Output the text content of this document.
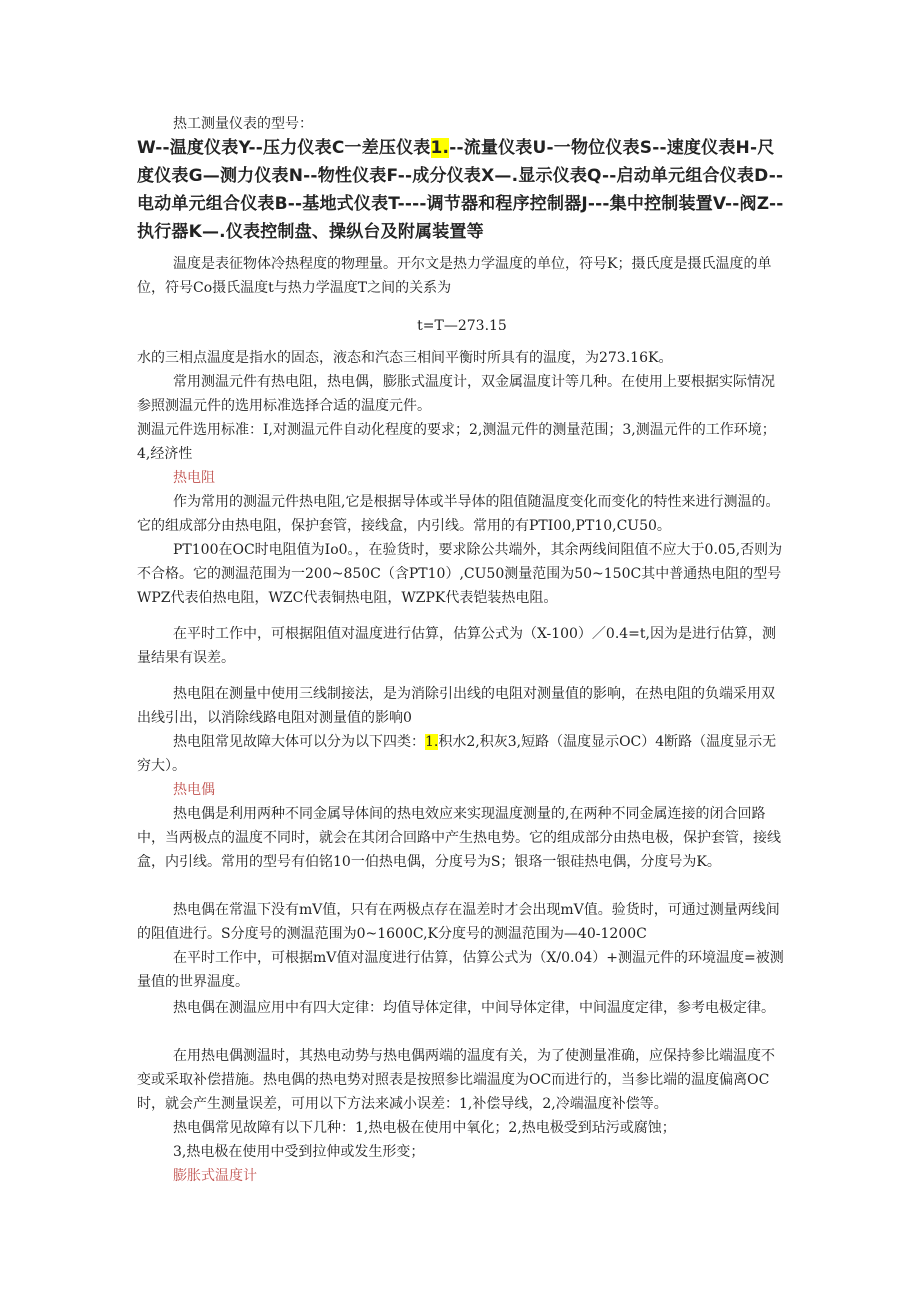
热工测量仪表的型号：

W--温度仪表Y--压力仪表C一差压仪表1.--流量仪表U-一物位仪表S--速度仪表H-尺度仪表G—测力仪表N--物性仪表F--成分仪表X—.显示仪表Q--启动单元组合仪表D--电动单元组合仪表B--基地式仪表T----调节器和程序控制器J---集中控制装置V--阀Z--执行器K—.仪表控制盘、操纵台及附属装置等

温度是表征物体冷热程度的物理量。开尔文是热力学温度的单位，符号K；摄氏度是摄氏温度的单位，符号Co摄氏温度t与热力学温度T之间的关系为

t=T—273.15

水的三相点温度是指水的固态，液态和汽态三相间平衡时所具有的温度，为273.16K。

常用测温元件有热电阻，热电偶，膨胀式温度计，双金属温度计等几种。在使用上要根据实际情况参照测温元件的选用标准选择合适的温度元件。

测温元件选用标准：I,对测温元件自动化程度的要求；2,测温元件的测量范围；3,测温元件的工作环境；4,经济性

热电阻

作为常用的测温元件热电阻,它是根据导体或半导体的阻值随温度变化而变化的特性来进行测温的。它的组成部分由热电阻，保护套管，接线盒，内引线。常用的有PTI00,PT10,CU50。

PT100在OC时电阻值为Io0。，在验货时，要求除公共端外，其余两线间阻值不应大于0.05,否则为不合格。它的测温范围为一200~850C（含PT10）,CU50测量范围为50~150C其中普通热电阻的型号WPZ代表伯热电阻，WZC代表铜热电阻，WZPK代表铠装热电阻。

在平时工作中，可根据阻值对温度进行估算，估算公式为（X-100）／0.4=t,因为是进行估算，测量结果有误差。

热电阻在测量中使用三线制接法，是为消除引出线的电阻对测量值的影响，在热电阻的负端采用双出线引出，以消除线路电阻对测量值的影响0

热电阻常见故障大体可以分为以下四类：1.积水2,积灰3,短路（温度显示OC）4断路（温度显示无穷大）。

热电偶

热电偶是利用两种不同金属导体间的热电效应来实现温度测量的,在两种不同金属连接的闭合回路中，当两极点的温度不同时，就会在其闭合回路中产生热电势。它的组成部分由热电极，保护套管，接线盒，内引线。常用的型号有伯铭10一伯热电偶，分度号为S；银珞一银硅热电偶，分度号为K。

热电偶在常温下没有mV值，只有在两极点存在温差时才会出现mV值。验货时，可通过测量两线间的阻值进行。S分度号的测温范围为0~1600C,K分度号的测温范围为—40-1200C

在平时工作中，可根据mV值对温度进行估算，估算公式为（X/0.04）+测温元件的环境温度=被测量值的世界温度。

热电偶在测温应用中有四大定律：均值导体定律，中间导体定律，中间温度定律，参考电极定律。

在用热电偶测温时，其热电动势与热电偶两端的温度有关，为了使测量准确，应保持参比端温度不变或采取补偿措施。热电偶的热电势对照表是按照参比端温度为OC而进行的，当参比端的温度偏离OC时，就会产生测量误差，可用以下方法来减小误差：1,补偿导线，2,冷端温度补偿等。

热电偶常见故障有以下几种：1,热电极在使用中氧化；2,热电极受到玷污或腐蚀；

3,热电极在使用中受到拉伸或发生形变；

膨胀式温度计
